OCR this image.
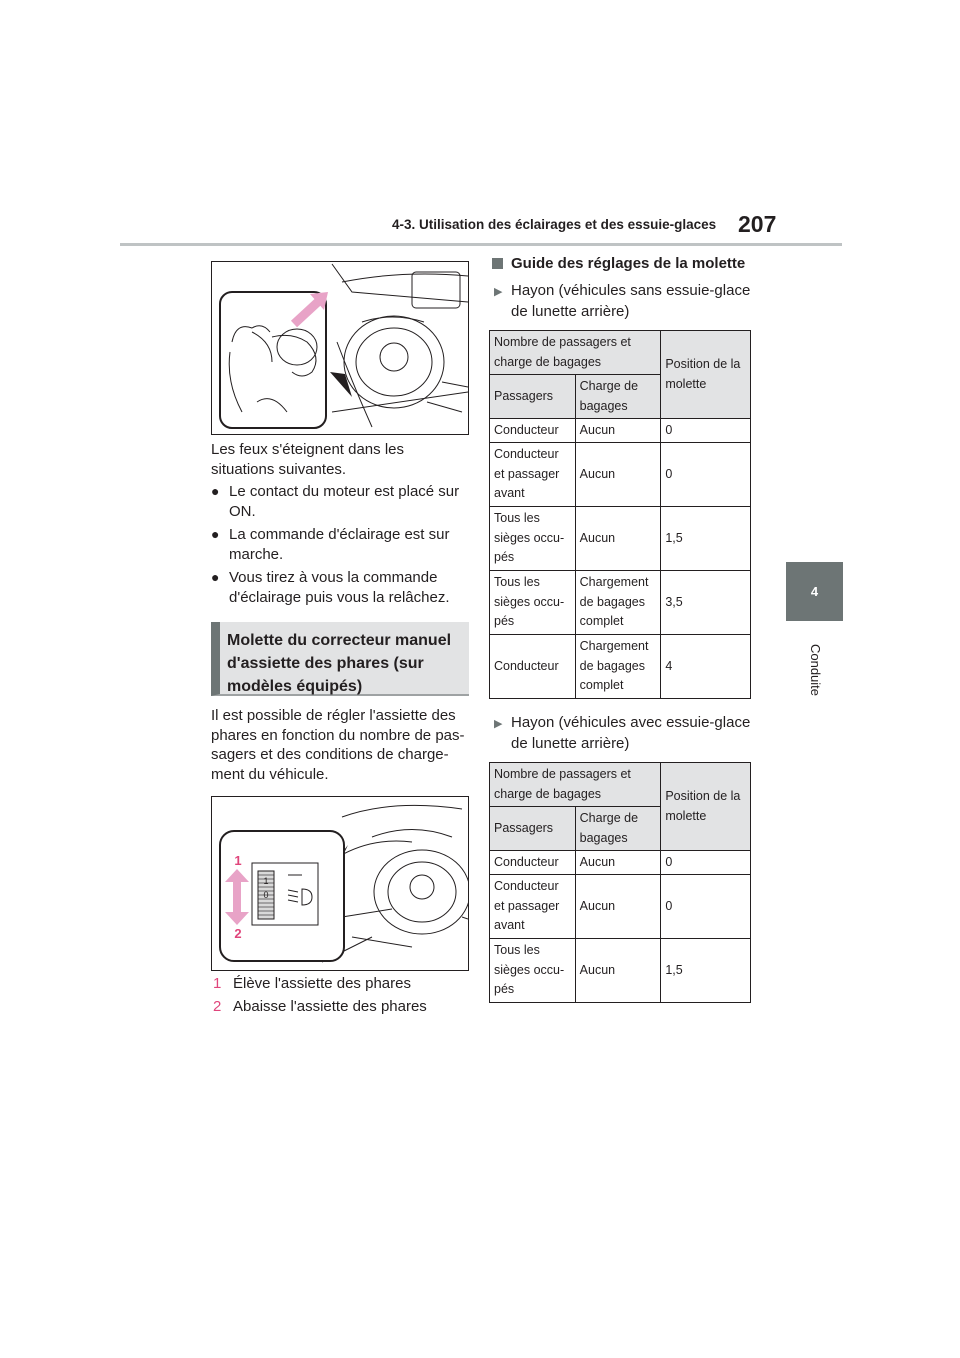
4-3. Utilisation des éclairages et des essuie-glaces 207
4
Conduite
Les feux s'éteignent dans les situations suivantes.
● Le contact du moteur est placé sur ON.
● La commande d'éclairage est sur marche.
● Vous tirez à vous la commande d'éclairage puis vous la relâchez.
Molette du correcteur manuel d'assiette des phares (sur modèles équipés)
Il est possible de régler l'assiette des phares en fonction du nombre de pas-sagers et des conditions de charge-ment du véhicule.
1
0
1
2
1 Élève l'assiette des phares
2 Abaisse l'assiette des phares
Guide des réglages de la molette
▶ Hayon (véhicules sans essuie-glace de lunette arrière)
Nombre de passagers et charge de bagages		Position de la molette
Passagers	Charge de bagages	
Conducteur	Aucun	0
Conducteur et passager avant	Aucun	0
Tous les sièges occu-pés	Aucun	1,5
Tous les sièges occu-pés	Chargement de bagages complet	3,5
Conducteur	Chargement de bagages complet	4
▶ Hayon (véhicules avec essuie-glace de lunette arrière)
Nombre de passagers et charge de bagages		Position de la molette
Passagers	Charge de bagages	
Conducteur	Aucun	0
Conducteur et passager avant	Aucun	0
Tous les sièges occu-pés	Aucun	1,5
